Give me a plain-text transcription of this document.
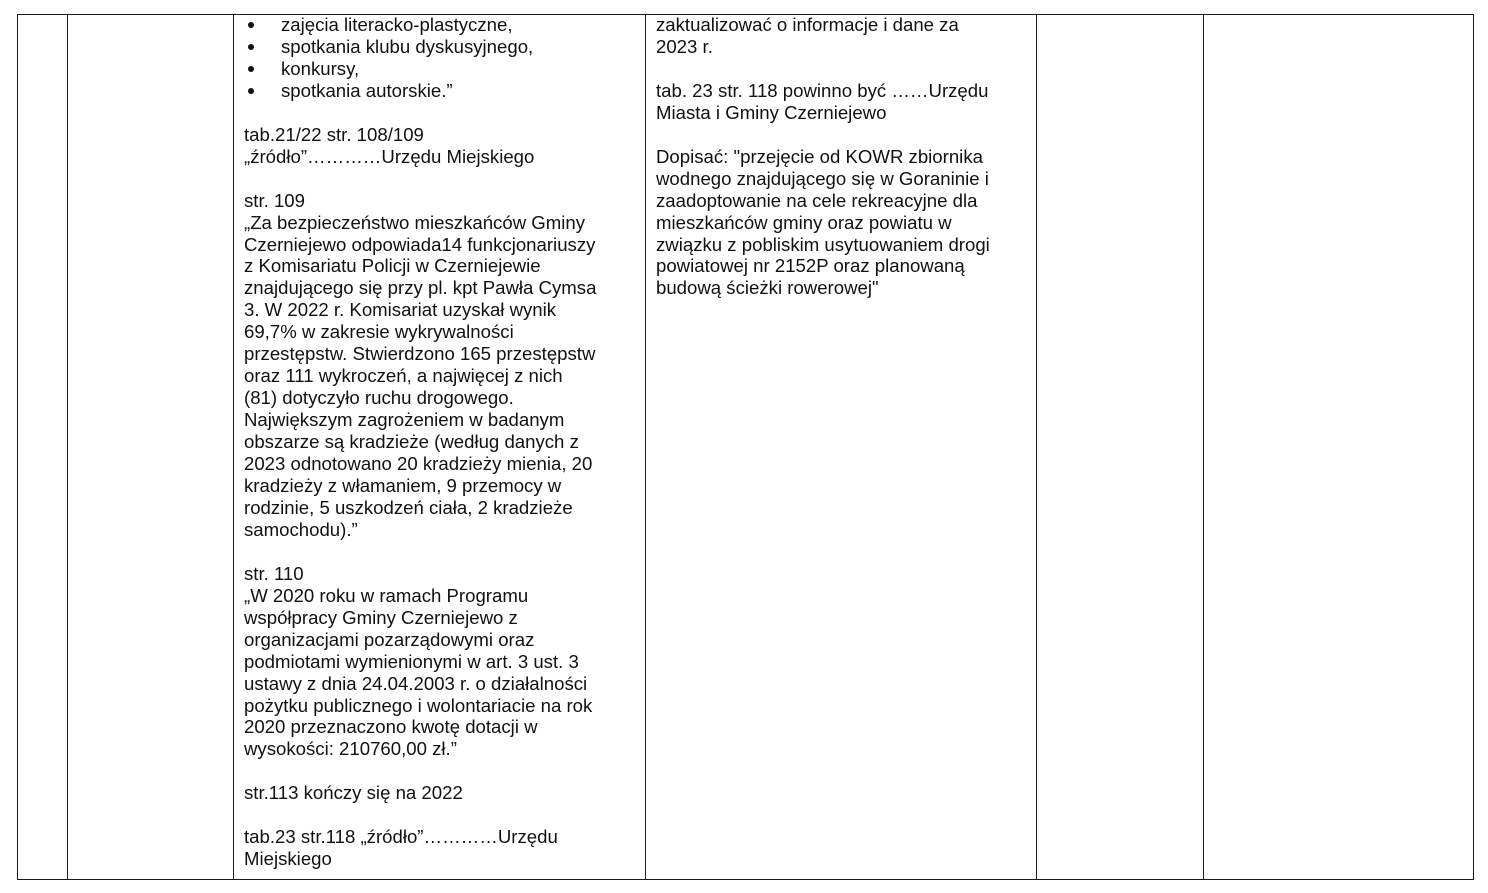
zajęcia literacko-plastyczne,
spotkania klubu dyskusyjnego,
konkursy,
spotkania autorskie.”

tab.21/22 str. 108/109

„źródło”…………Urzędu Miejskiego

str. 109

„Za bezpieczeństwo mieszkańców Gminy

Czerniejewo odpowiada14 funkcjonariuszy

z Komisariatu Policji w Czerniejewie

znajdującego się przy pl. kpt Pawła Cymsa

3. W 2022 r. Komisariat uzyskał wynik

69,7% w zakresie wykrywalności

przestępstw. Stwierdzono 165 przestępstw

oraz 111 wykroczeń, a najwięcej z nich

(81) dotyczyło ruchu drogowego.

Największym zagrożeniem w badanym

obszarze są kradzieże (według danych z

2023 odnotowano 20 kradzieży mienia, 20

kradzieży z włamaniem, 9 przemocy w

rodzinie, 5 uszkodzeń ciała, 2 kradzieże

samochodu).”

str. 110

„W 2020 roku w ramach Programu

współpracy Gminy Czerniejewo z

organizacjami pozarządowymi oraz

podmiotami wymienionymi w art. 3 ust. 3

ustawy z dnia 24.04.2003 r. o działalności

pożytku publicznego i wolontariacie na rok

2020 przeznaczono kwotę dotacji w

wysokości: 210760,00 zł.”

str.113 kończy się na 2022

tab.23 str.118 „źródło”…………Urzędu

Miejskiego

zaktualizować o informacje i dane za

2023 r.

tab. 23 str. 118 powinno być ……Urzędu

Miasta i Gminy Czerniejewo

Dopisać: "przejęcie od KOWR zbiornika

wodnego znajdującego się w Goraninie i

zaadoptowanie na cele rekreacyjne dla

mieszkańców gminy oraz powiatu w

związku z pobliskim usytuowaniem drogi

powiatowej nr 2152P oraz planowaną

budową ścieżki rowerowej"
